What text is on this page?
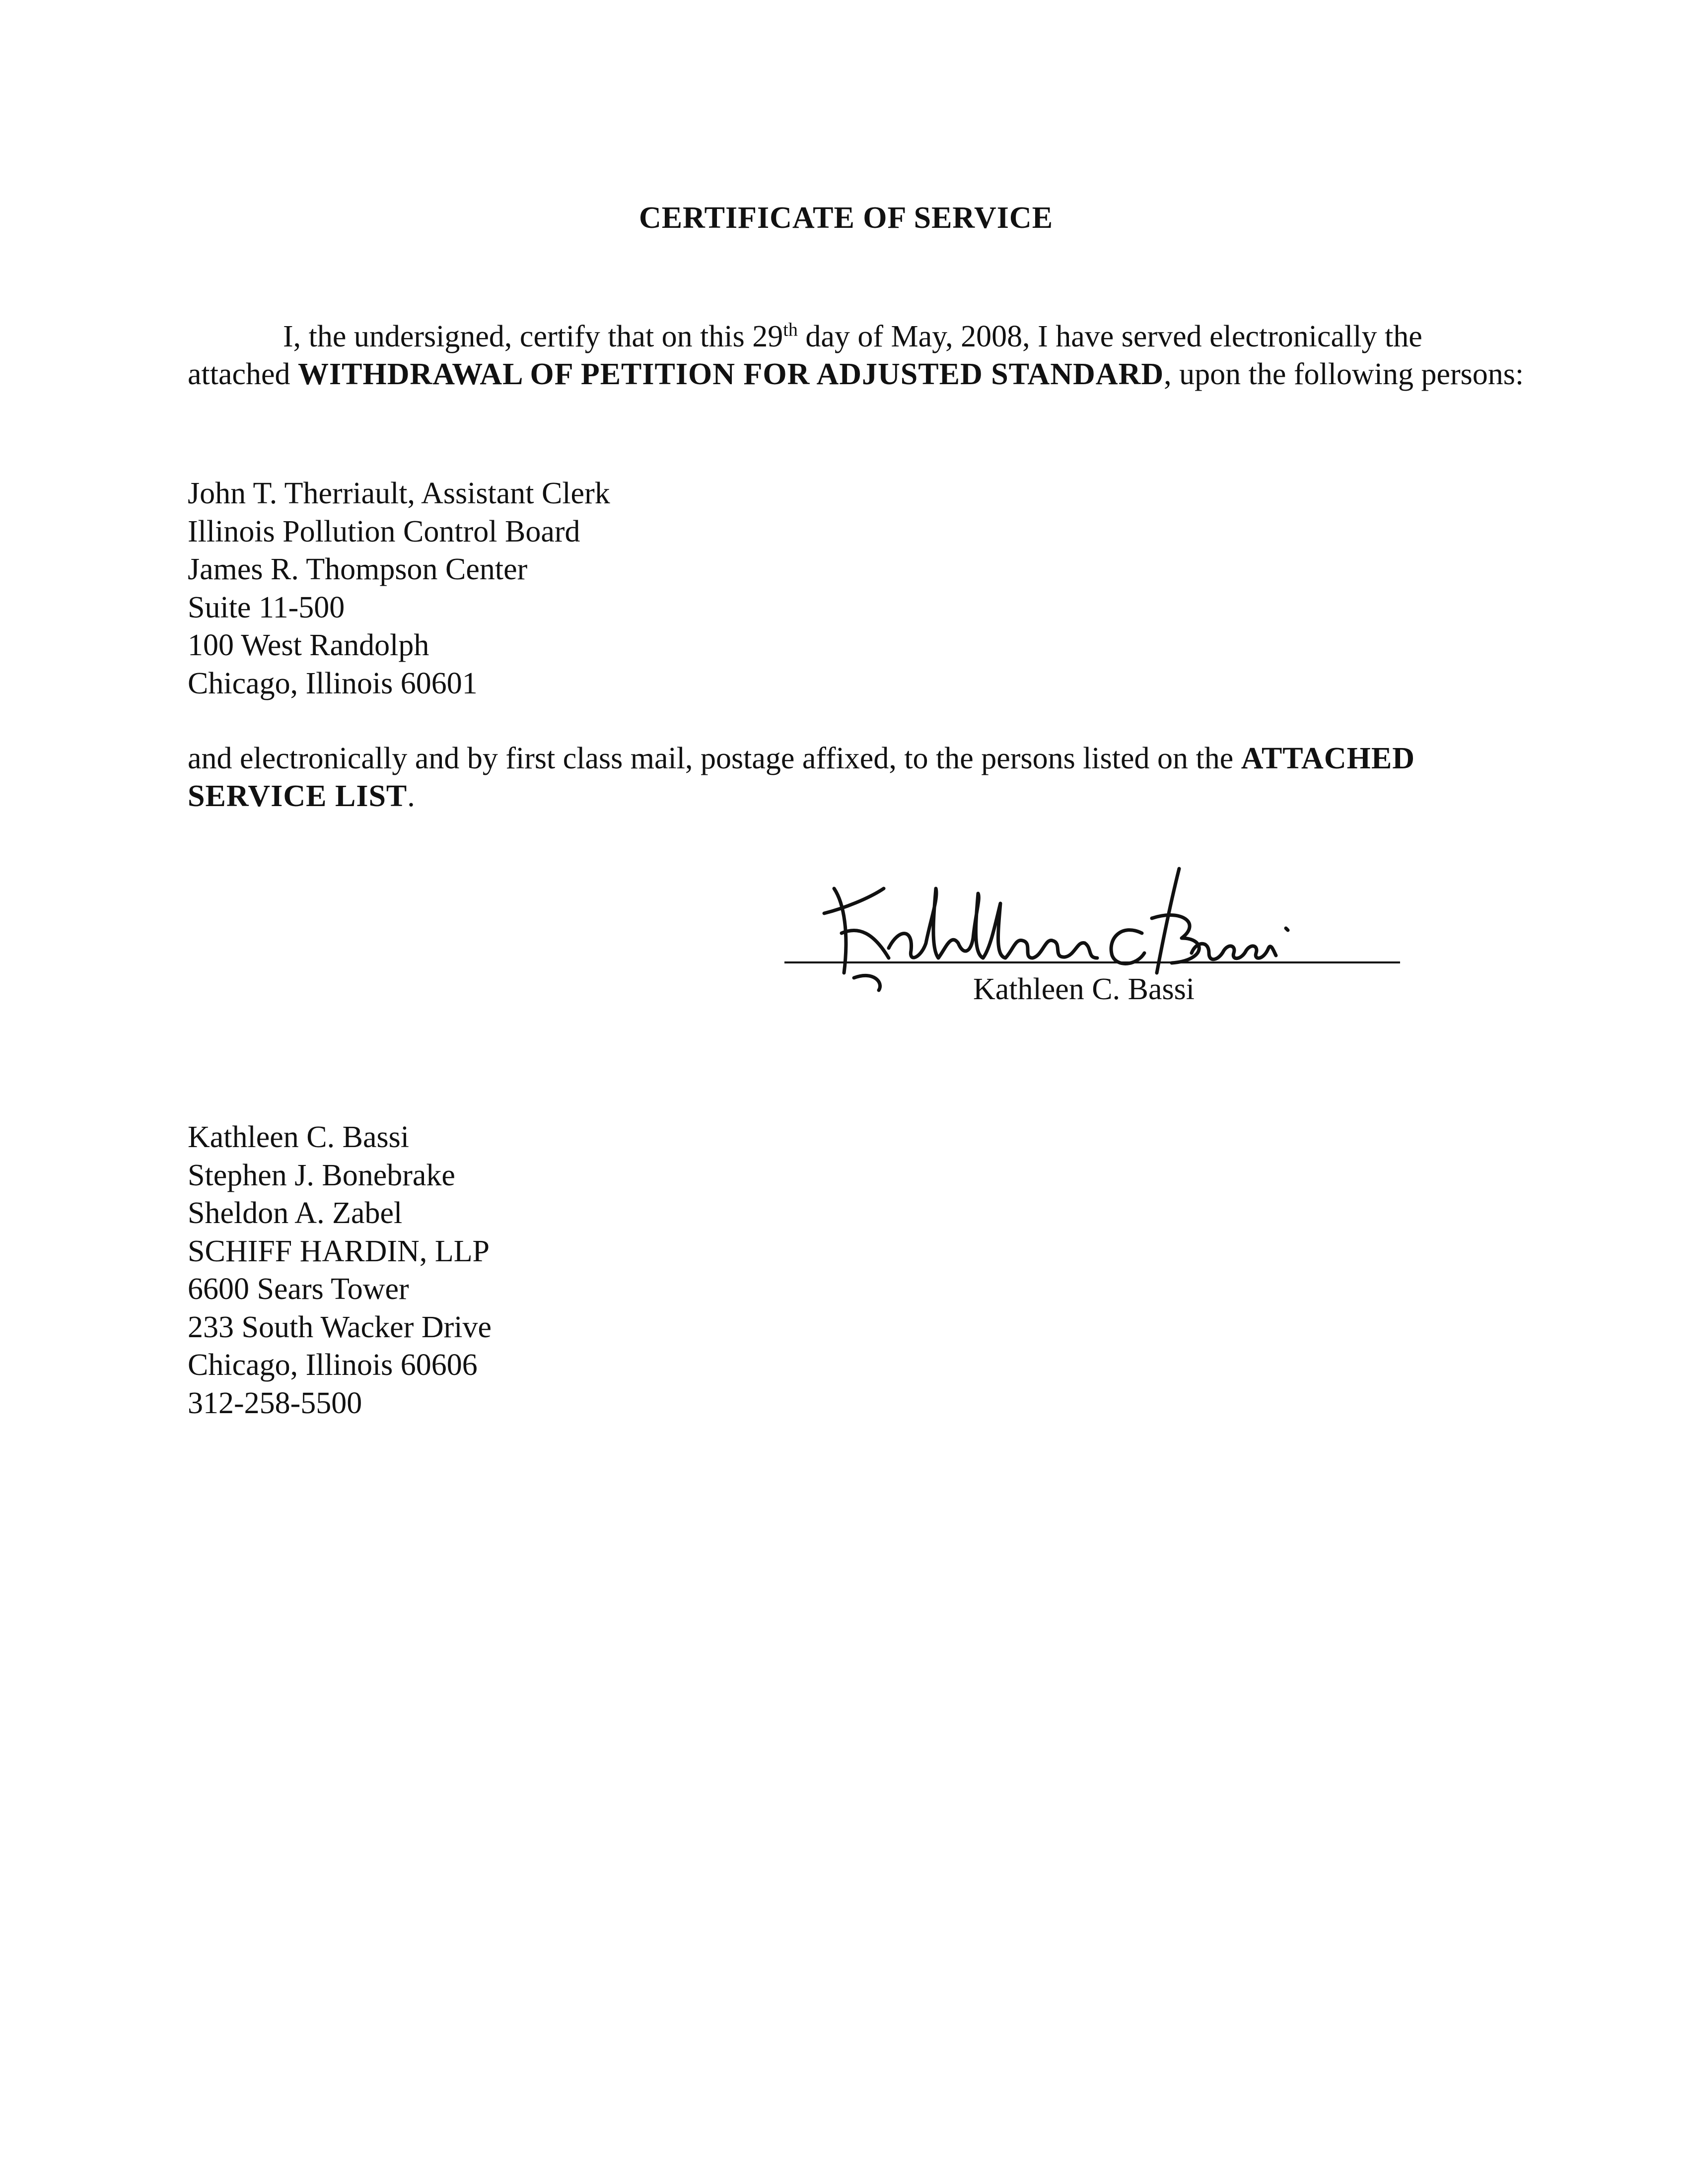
CERTIFICATE OF SERVICE
I, the undersigned, certify that on this 29th day of May, 2008, I have served electronically the attached WITHDRAWAL OF PETITION FOR ADJUSTED STANDARD, upon the following persons:
John T. Therriault, Assistant Clerk
Illinois Pollution Control Board
James R. Thompson Center
Suite 11-500
100 West Randolph
Chicago, Illinois 60601
and electronically and by first class mail, postage affixed, to the persons listed on the ATTACHED SERVICE LIST.
Kathleen C. Bassi
Kathleen C. Bassi
Stephen J. Bonebrake
Sheldon A. Zabel
SCHIFF HARDIN, LLP
6600 Sears Tower
233 South Wacker Drive
Chicago, Illinois 60606
312-258-5500
